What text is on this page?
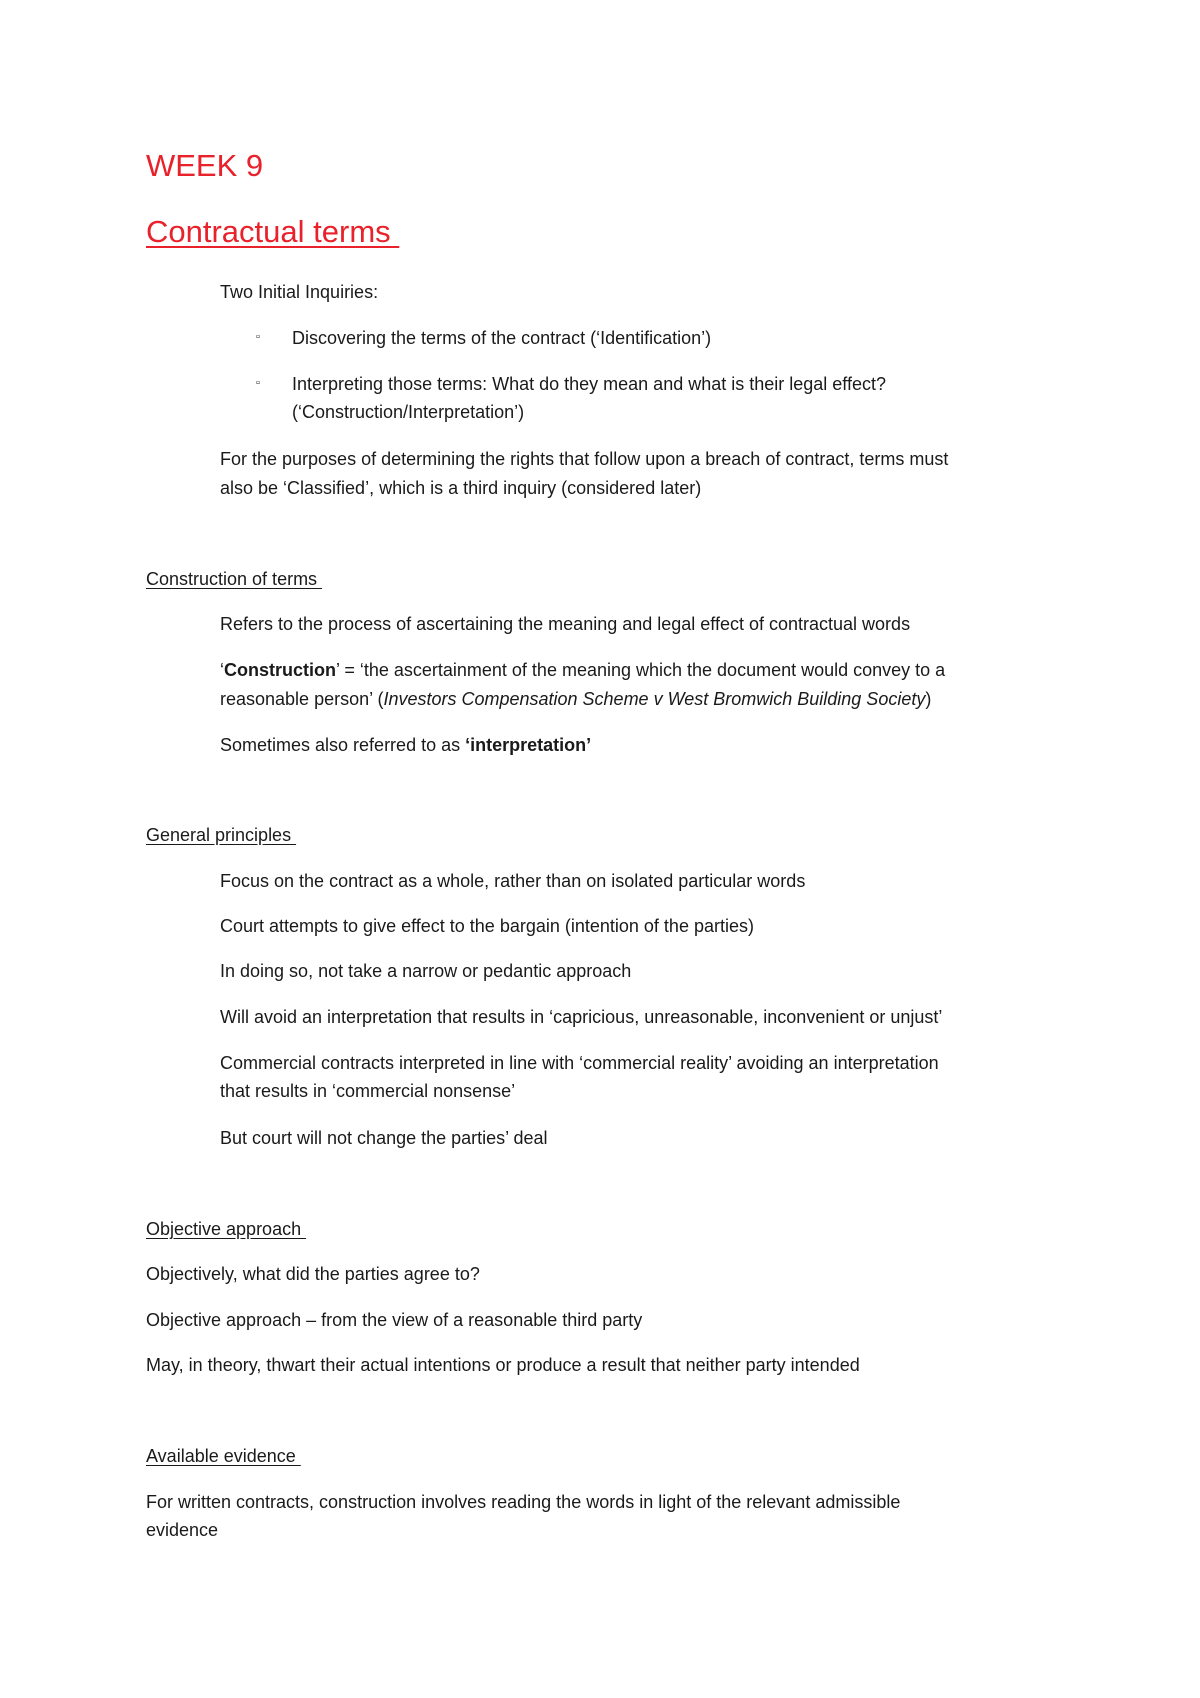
WEEK 9
Contractual terms

Two Initial Inquiries:

▫ Discovering the terms of the contract (‘Identification’)

▫ Interpreting those terms: What do they mean and what is their legal effect?

(‘Construction/Interpretation’)

For the purposes of determining the rights that follow upon a breach of contract, terms must

also be ‘Classified’, which is a third inquiry (considered later)

Construction of terms

Refers to the process of ascertaining the meaning and legal effect of contractual words

‘Construction’ = ‘the ascertainment of the meaning which the document would convey to a

reasonable person’ (Investors Compensation Scheme v West Bromwich Building Society)

Sometimes also referred to as ‘interpretation’

General principles

Focus on the contract as a whole, rather than on isolated particular words

Court attempts to give effect to the bargain (intention of the parties)

In doing so, not take a narrow or pedantic approach

Will avoid an interpretation that results in ‘capricious, unreasonable, inconvenient or unjust’

Commercial contracts interpreted in line with ‘commercial reality’ avoiding an interpretation

that results in ‘commercial nonsense’

But court will not change the parties’ deal

Objective approach

Objectively, what did the parties agree to?

Objective approach – from the view of a reasonable third party

May, in theory, thwart their actual intentions or produce a result that neither party intended

Available evidence

For written contracts, construction involves reading the words in light of the relevant admissible

evidence
